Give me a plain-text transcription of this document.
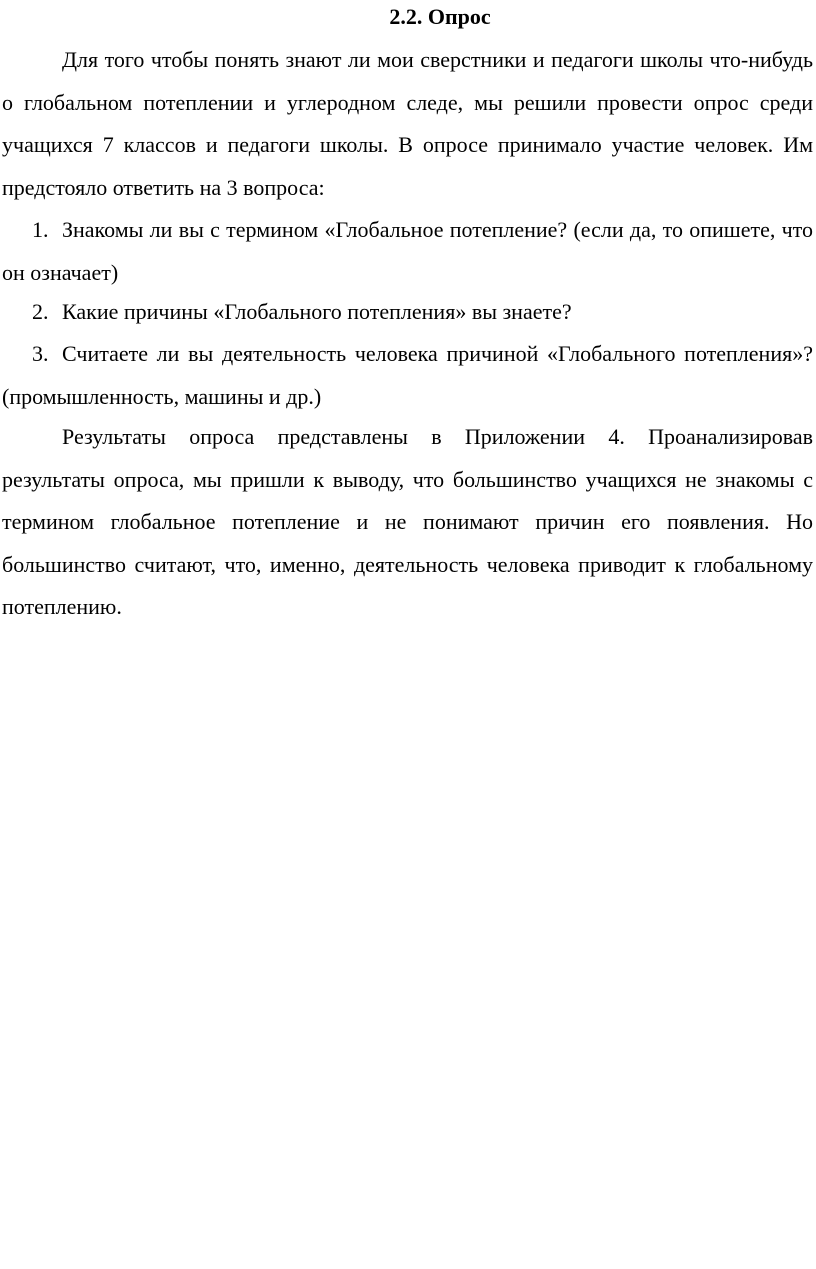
2.2. Опрос

Для того чтобы понять знают ли мои сверстники и педагоги школы что-нибудь о глобальном потеплении и углеродном следе, мы решили провести опрос среди учащихся 7 классов и педагоги школы. В опросе принимало участие человек. Им предстояло ответить на 3 вопроса:

1. Знакомы ли вы с термином «Глобальное потепление? (если да, то опишете, что он означает)

2. Какие причины «Глобального потепления» вы знаете?

3. Считаете ли вы деятельность человека причиной «Глобального потепления»? (промышленность, машины и др.)

Результаты опроса представлены в Приложении 4. Проанализировав результаты опроса, мы пришли к выводу, что большинство учащихся не знакомы с термином глобальное потепление и не понимают причин его появления. Но большинство считают, что, именно, деятельность человека приводит к глобальному потеплению.
